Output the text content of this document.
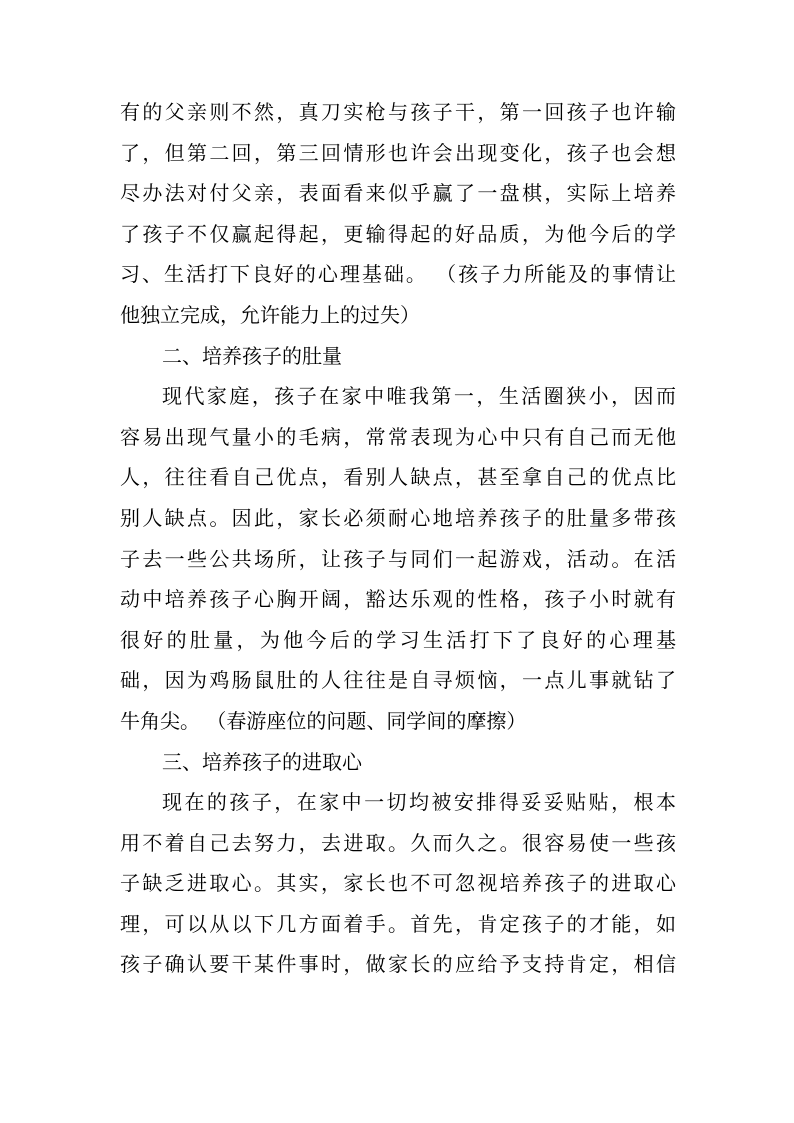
有的父亲则不然，真刀实枪与孩子干，第一回孩子也许输
了，但第二回，第三回情形也许会出现变化，孩子也会想
尽办法对付父亲，表面看来似乎赢了一盘棋，实际上培养
了孩子不仅赢起得起，更输得起的好品质，为他今后的学
习、生活打下良好的心理基础。 （孩子力所能及的事情让
他独立完成，允许能力上的过失）
二、培养孩子的肚量
现代家庭，孩子在家中唯我第一，生活圈狭小，因而
容易出现气量小的毛病，常常表现为心中只有自己而无他
人，往往看自己优点，看别人缺点，甚至拿自己的优点比
别人缺点。因此，家长必须耐心地培养孩子的肚量多带孩
子去一些公共场所，让孩子与同们一起游戏，活动。在活
动中培养孩子心胸开阔，豁达乐观的性格，孩子小时就有
很好的肚量，为他今后的学习生活打下了良好的心理基
础，因为鸡肠鼠肚的人往往是自寻烦恼，一点儿事就钻了
牛角尖。 （春游座位的问题、同学间的摩擦）
三、培养孩子的进取心
现在的孩子，在家中一切均被安排得妥妥贴贴，根本
用不着自己去努力，去进取。久而久之。很容易使一些孩
子缺乏进取心。其实，家长也不可忽视培养孩子的进取心
理，可以从以下几方面着手。首先，肯定孩子的才能，如
孩子确认要干某件事时，做家长的应给予支持肯定，相信
